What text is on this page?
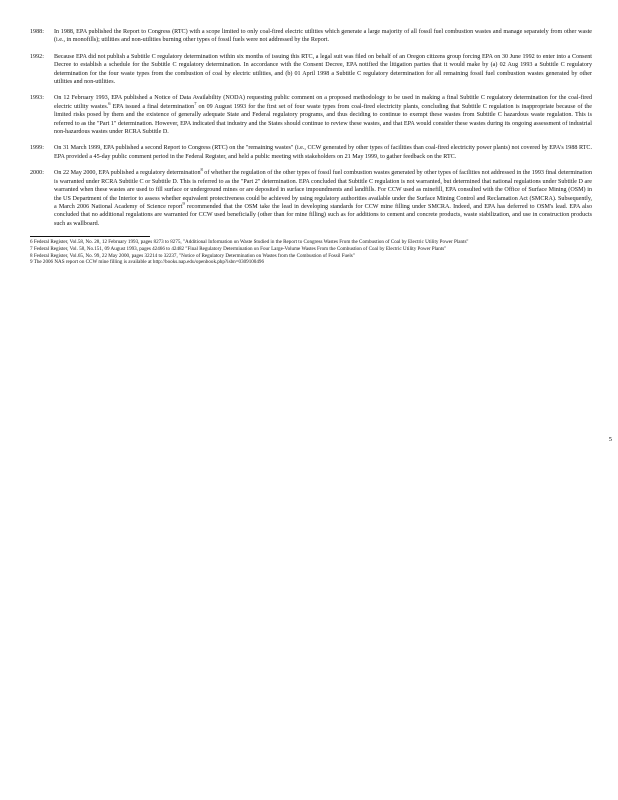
1988:	In 1988, EPA published the Report to Congress (RTC) with a scope limited to only coal-fired electric utilities which generate a large majority of all fossil fuel combustion wastes and manage separately from other waste (i.e., in monofills); utilities and non-utilities burning other types of fossil fuels were not addressed by the Report.
1992:	Because EPA did not publish a Subtitle C regulatory determination within six months of issuing this RTC, a legal suit was filed on behalf of an Oregon citizens group forcing EPA on 30 June 1992 to enter into a Consent Decree to establish a schedule for the Subtitle C regulatory determination. In accordance with the Consent Decree, EPA notified the litigation parties that it would make by (a) 02 Aug 1993 a Subtitle C regulatory determination for the four waste types from the combustion of coal by electric utilities, and (b) 01 April 1998 a Subtitle C regulatory determination for all remaining fossil fuel combustion wastes generated by other utilities and non-utilities.
1993:	On 12 February 1993, EPA published a Notice of Data Availability (NODA) requesting public comment on a proposed methodology to be used in making a final Subtitle C regulatory determination for the coal-fired electric utility wastes.$^6$ EPA issued a final determination$^7$ on 09 August 1993 for the first set of four waste types from coal-fired electricity plants, concluding that Subtitle C regulation is inappropriate because of the limited risks posed by them and the existence of generally adequate State and Federal regulatory programs, and thus deciding to continue to exempt these wastes from Subtitle C hazardous waste regulation. This is referred to as the "Part 1" determination. However, EPA indicated that industry and the States should continue to review these wastes, and that EPA would consider these wastes during its ongoing assessment of industrial non-hazardous wastes under RCRA Subtitle D.
1999:	On 31 March 1999, EPA published a second Report to Congress (RTC) on the "remaining wastes" (i.e., CCW generated by other types of facilities than coal-fired electricity power plants) not covered by EPA's 1988 RTC. EPA provided a 45-day public comment period in the Federal Register, and held a public meeting with stakeholders on 21 May 1999, to gather feedback on the RTC.
2000:	On 22 May 2000, EPA published a regulatory determination$^8$ of whether the regulation of the other types of fossil fuel combustion wastes generated by other types of facilities not addressed in the 1993 final determination is warranted under RCRA Subtitle C or Subtitle D. This is referred to as the "Part 2" determination. EPA concluded that Subtitle C regulation is not warranted, but determined that national regulations under Subtitle D are warranted when these wastes are used to fill surface or underground mines or are deposited in surface impoundments and landfills. For CCW used as minefill, EPA consulted with the Office of Surface Mining (OSM) in the US Department of the Interior to assess whether equivalent protectiveness could be achieved by using regulatory authorities available under the Surface Mining Control and Reclamation Act (SMCRA). Subsequently, a March 2006 National Academy of Science report$^9$ recommended that the OSM take the lead in developing standards for CCW mine filling under SMCRA. Indeed, and EPA has deferred to OSM's lead. EPA also concluded that no additional regulations are warranted for CCW used beneficially (other than for mine filling) such as for additions to cement and concrete products, waste stabilization, and use in construction products such as wallboard.
6 Federal Register, Vol.58, No. 28, 12 February 1993, pages 8273 to 8275, "Additional Information on Waste Studied in the Report to Congress Wastes From the Combustion of Coal by Electric Utility Power Plants"
7 Federal Register, Vol. 58, No.151, 09 August 1993, pages 42466 to 42482 "Final Regulatory Determination on Four Large-Volume Wastes From the Combustion of Coal by Electric Utility Power Plants"
8 Federal Register, Vol.65, No. 99, 22 May 2000, pages 32214 to 32237, "Notice of Regulatory Determination on Wastes from the Combustion of Fossil Fuels"
9 The 2006 NAS report on CCW mine filling is available at http://books.nap.edu/openbook.php?isbn=0309100496
5
